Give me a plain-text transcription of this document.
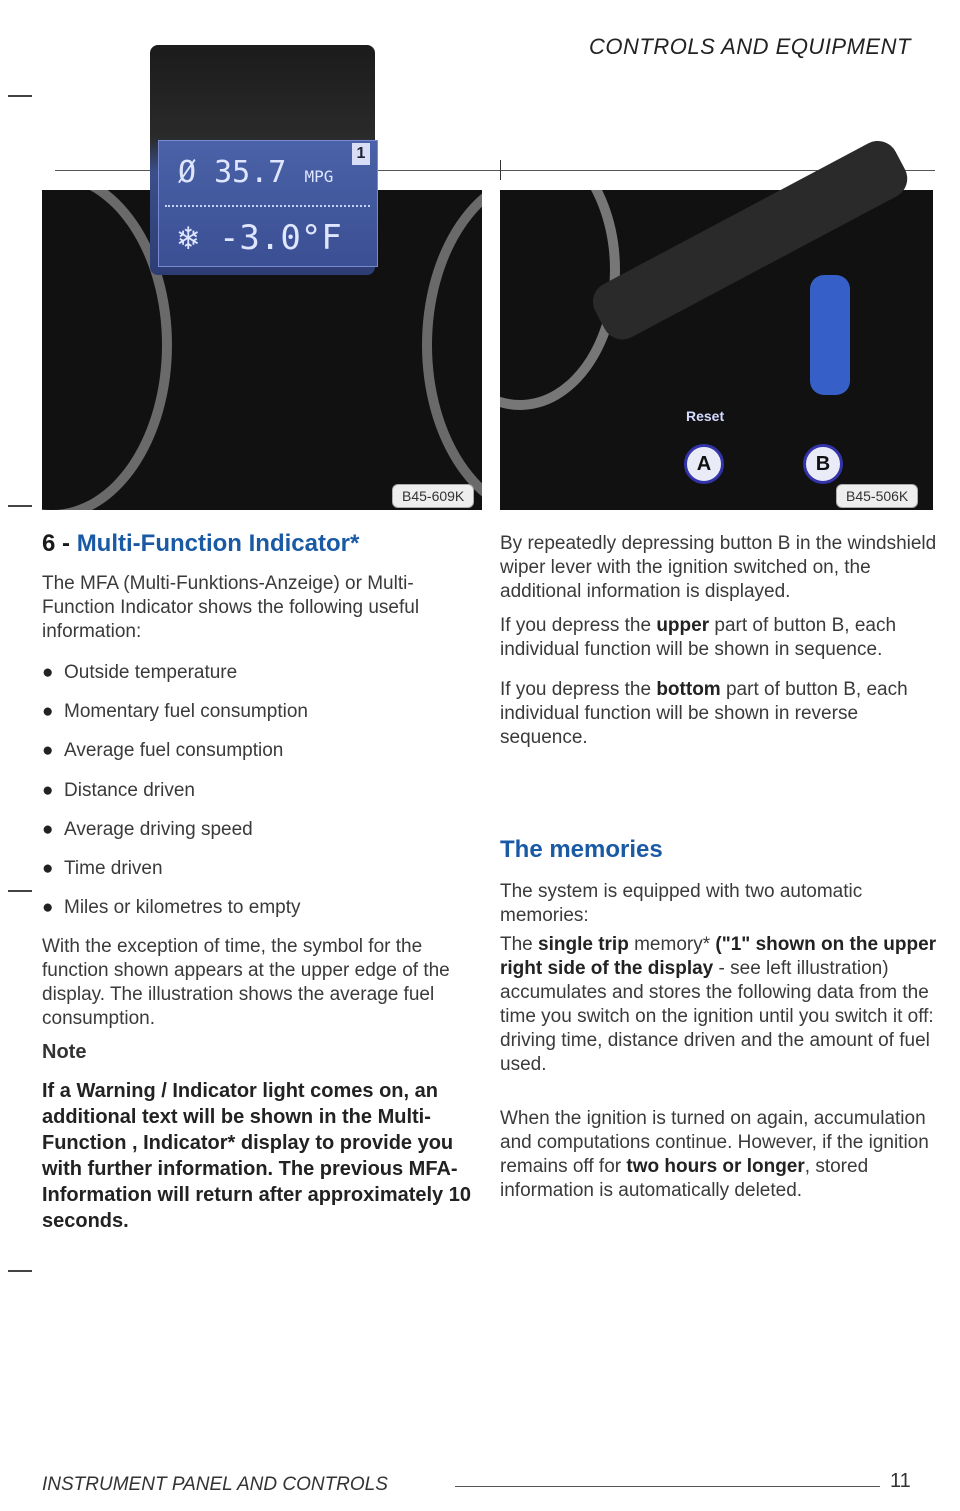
CONTROLS AND EQUIPMENT
Ø 35.7 MPG
1
❄ -3.0°F
B45-609K
Reset
A	B
B45-506K
6 - Multi-Function Indicator*
The MFA (Multi-Funktions-Anzeige) or Multi-Function Indicator shows the following useful information:
● Outside temperature
● Momentary fuel consumption
● Average fuel consumption
● Distance driven
● Average driving speed
● Time driven
● Miles or kilometres to empty
With the exception of time, the symbol for the function shown appears at the upper edge of the display. The illustration shows the average fuel consumption.
Note
If a Warning / Indicator light comes on, an additional text will be shown in the Multi-Function , Indicator* display to provide you with further information. The previous MFA-Information will return after approximately 10 seconds.
By repeatedly depressing button B in the windshield wiper lever with the ignition switched on, the additional information is displayed.
If you depress the upper part of button B, each individual function will be shown in sequence.
If you depress the bottom part of button B, each individual function will be shown in reverse sequence.
The memories
The system is equipped with two automatic memories:
The single trip memory* ("1" shown on the upper right side of the display - see left illustration) accumulates and stores the following data from the time you switch on the ignition until you switch it off: driving time, distance driven and the amount of fuel used.
When the ignition is turned on again, accumulation and computations continue. However, if the ignition remains off for two hours or longer, stored information is automatically deleted.
INSTRUMENT PANEL AND CONTROLS	11
